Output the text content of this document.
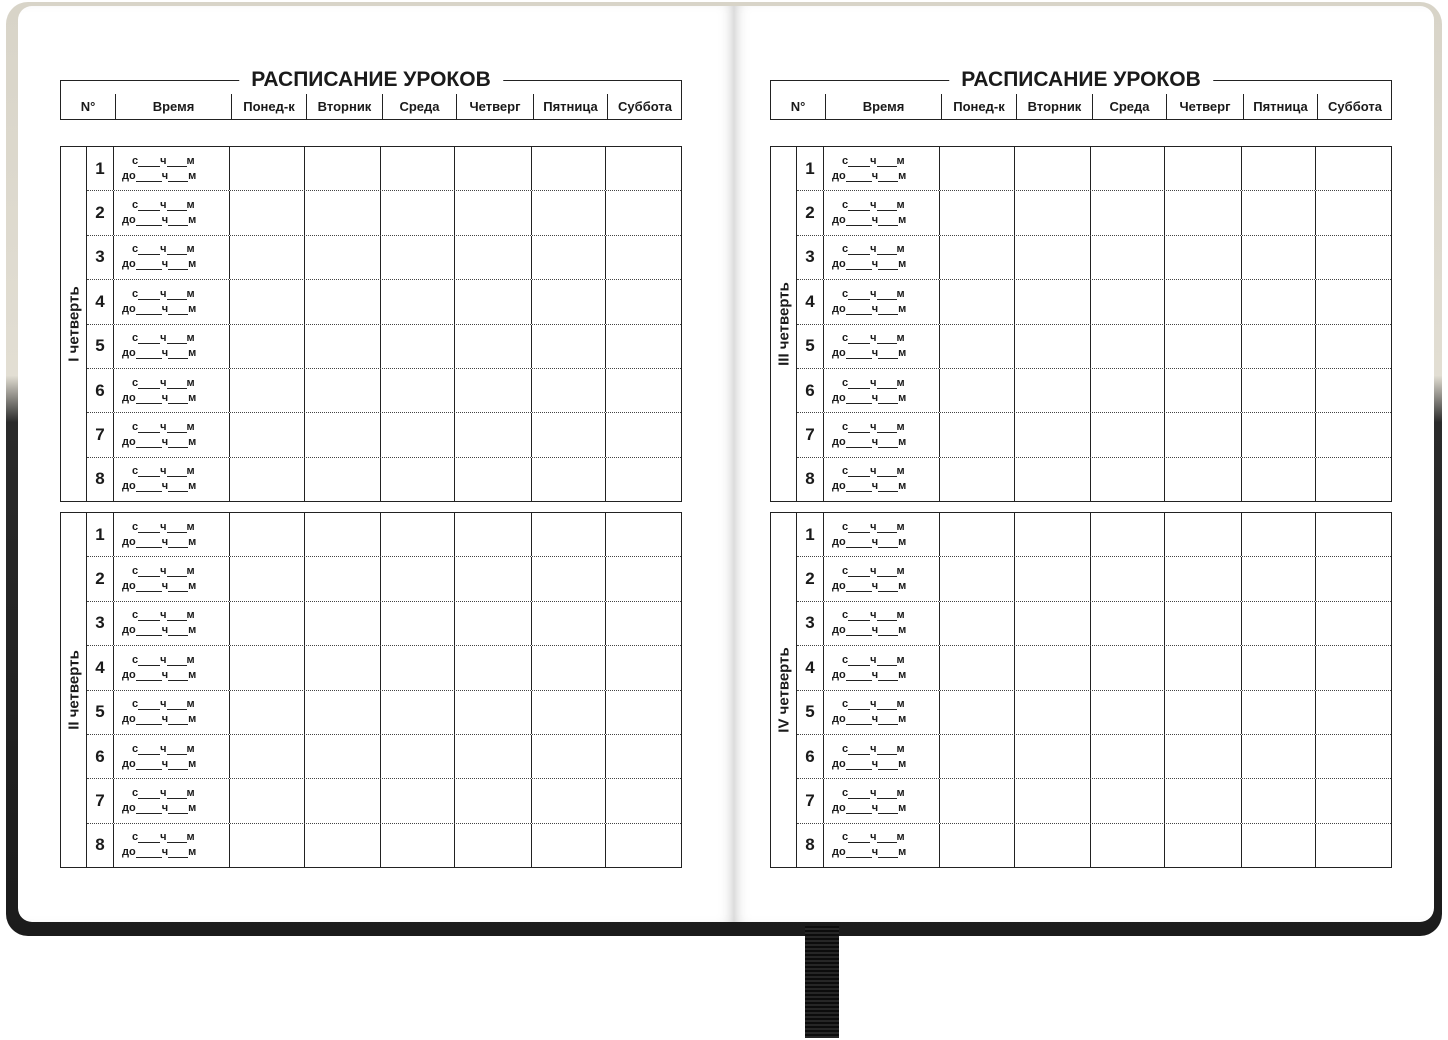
РАСПИСАНИЕ УРОКОВ
N°	Время	Понед-к	Вторник	Среда	Четверг	Пятница	Суббота
I четверть
1	с ч м
до ч м
2	с ч м
до ч м
3	с ч м
до ч м
4	с ч м
до ч м
5	с ч м
до ч м
6	с ч м
до ч м
7	с ч м
до ч м
8	с ч м
до ч м
II четверть
1	с ч м
до ч м
2	с ч м
до ч м
3	с ч м
до ч м
4	с ч м
до ч м
5	с ч м
до ч м
6	с ч м
до ч м
7	с ч м
до ч м
8	с ч м
до ч м
РАСПИСАНИЕ УРОКОВ
N°	Время	Понед-к	Вторник	Среда	Четверг	Пятница	Суббота
III четверть
1	с ч м
до ч м
2	с ч м
до ч м
3	с ч м
до ч м
4	с ч м
до ч м
5	с ч м
до ч м
6	с ч м
до ч м
7	с ч м
до ч м
8	с ч м
до ч м
IV четверть
1	с ч м
до ч м
2	с ч м
до ч м
3	с ч м
до ч м
4	с ч м
до ч м
5	с ч м
до ч м
6	с ч м
до ч м
7	с ч м
до ч м
8	с ч м
до ч м
